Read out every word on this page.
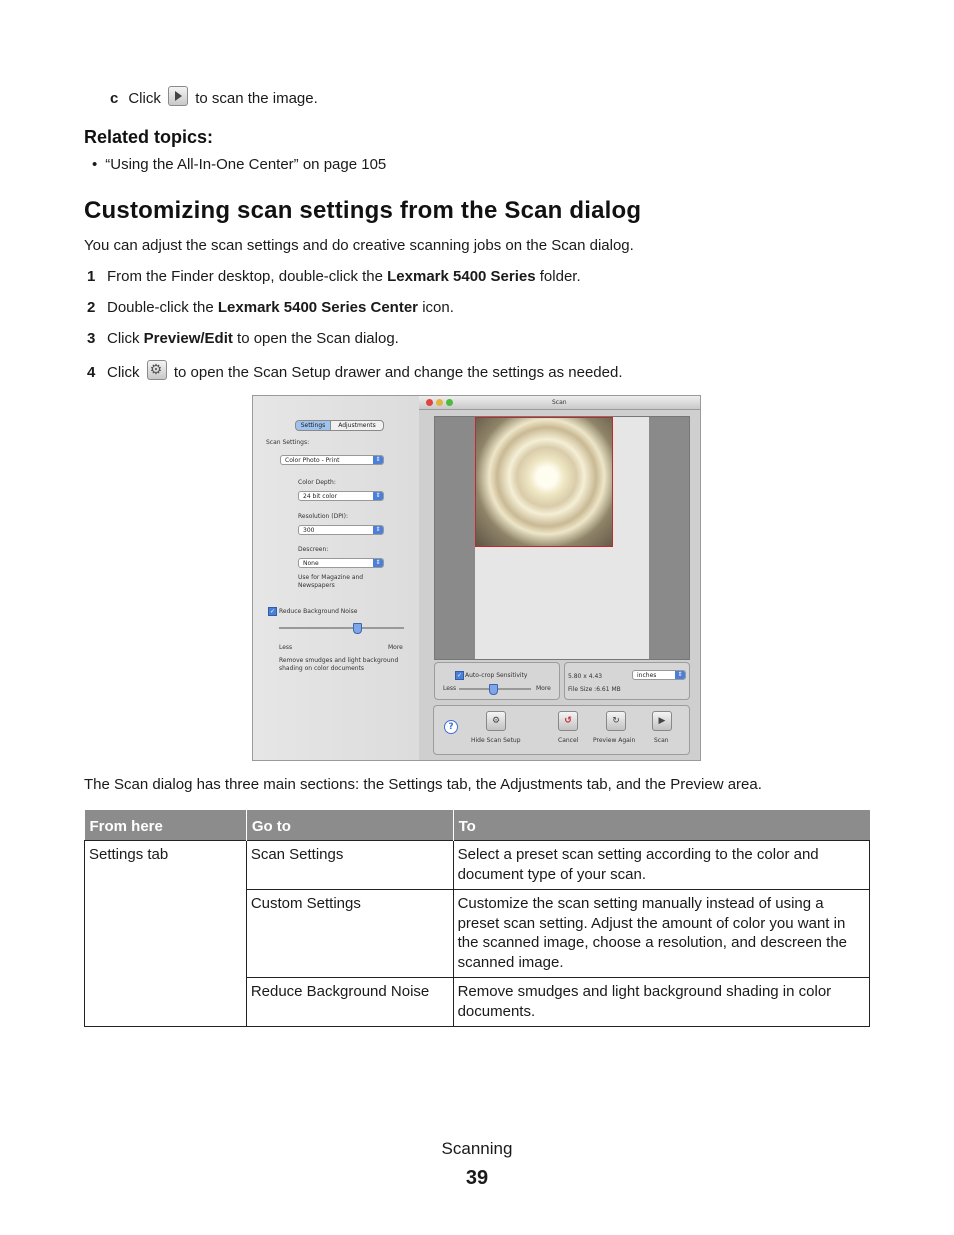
c Click to scan the image.
Related topics:
• “Using the All-In-One Center” on page 105
Customizing scan settings from the Scan dialog
You can adjust the scan settings and do creative scanning jobs on the Scan dialog.
1 From the Finder desktop, double-click the Lexmark 5400 Series folder.
2 Double-click the Lexmark 5400 Series Center icon.
3 Click Preview/Edit to open the Scan dialog.
4 Click ⚙ to open the Scan Setup drawer and change the settings as needed.
Settings	Adjustments
Scan Settings:
Color Photo - Print	⇕
Color Depth:
24 bit color	⇕
Resolution (DPI):
300	⇕
Descreen:
None	⇕
Use for Magazine and Newspapers
✓ Reduce Background Noise
Less	More
Remove smudges and light background shading on color documents
Scan
✓ Auto-crop Sensitivity
Less	More
5.80 x 4.43	inches	⇕
File Size :6.61 MB
?
⚙
Hide Scan Setup
↺
Cancel
↻
Preview Again
▶
Scan
The Scan dialog has three main sections: the Settings tab, the Adjustments tab, and the Preview area.
From here	Go to	To
Settings tab	Scan Settings	Select a preset scan setting according to the color and document type of your scan.
	Custom Settings	Customize the scan setting manually instead of using a preset scan setting. Adjust the amount of color you want in the scanned image, choose a resolution, and descreen the scanned image.
	Reduce Background Noise	Remove smudges and light background shading in color documents.
Scanning
39
